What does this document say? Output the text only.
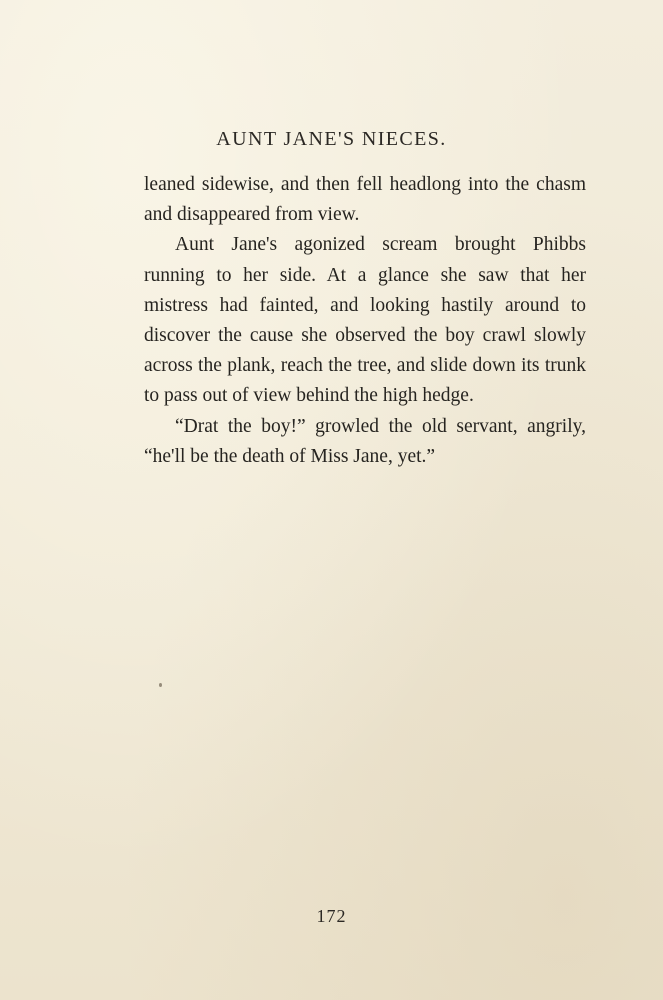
AUNT JANE'S NIECES.

leaned sidewise, and then fell headlong into the chasm and disappeared from view.

Aunt Jane's agonized scream brought Phibbs running to her side. At a glance she saw that her mistress had fainted, and looking hastily around to discover the cause she observed the boy crawl slowly across the plank, reach the tree, and slide down its trunk to pass out of view behind the high hedge.

“Drat the boy!” growled the old servant, angrily, “he'll be the death of Miss Jane, yet.”

172
